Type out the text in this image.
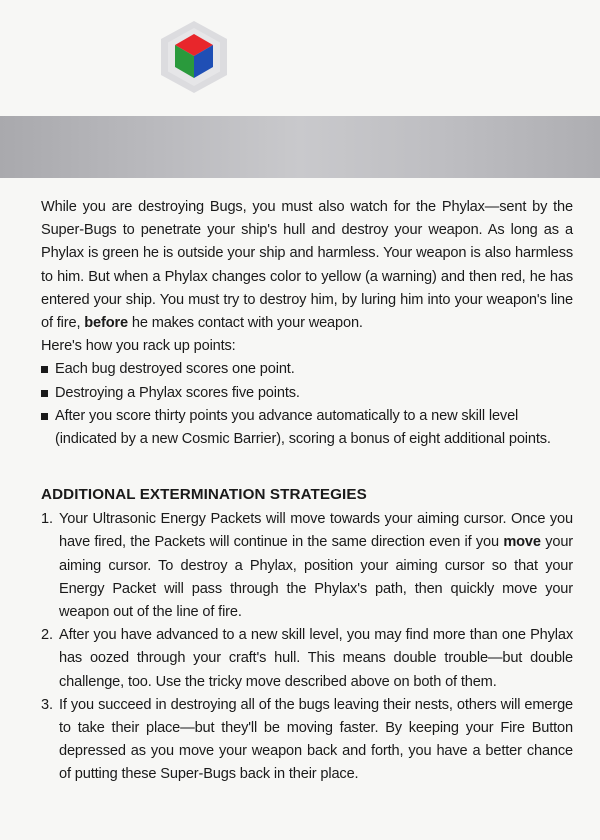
While you are destroying Bugs, you must also watch for the Phylax—sent by the Super-Bugs to penetrate your ship's hull and destroy your weapon. As long as a Phylax is green he is outside your ship and harmless. Your weapon is also harmless to him. But when a Phylax changes color to yellow (a warning) and then red, he has entered your ship. You must try to destroy him, by luring him into your weapon's line of fire, before he makes contact with your weapon.

Here's how you rack up points:

Each bug destroyed scores one point.
Destroying a Phylax scores five points.
After you score thirty points you advance automatically to a new skill level (indicated by a new Cosmic Barrier), scoring a bonus of eight additional points.
ADDITIONAL EXTERMINATION STRATEGIES
1. Your Ultrasonic Energy Packets will move towards your aiming cursor. Once you have fired, the Packets will continue in the same direction even if you move your aiming cursor. To destroy a Phylax, position your aiming cursor so that your Energy Packet will pass through the Phylax's path, then quickly move your weapon out of the line of fire.
2. After you have advanced to a new skill level, you may find more than one Phylax has oozed through your craft's hull. This means double trouble—but double challenge, too. Use the tricky move described above on both of them.
3. If you succeed in destroying all of the bugs leaving their nests, others will emerge to take their place—but they'll be moving faster. By keeping your Fire Button depressed as you move your weapon back and forth, you have a better chance of putting these Super-Bugs back in their place.
